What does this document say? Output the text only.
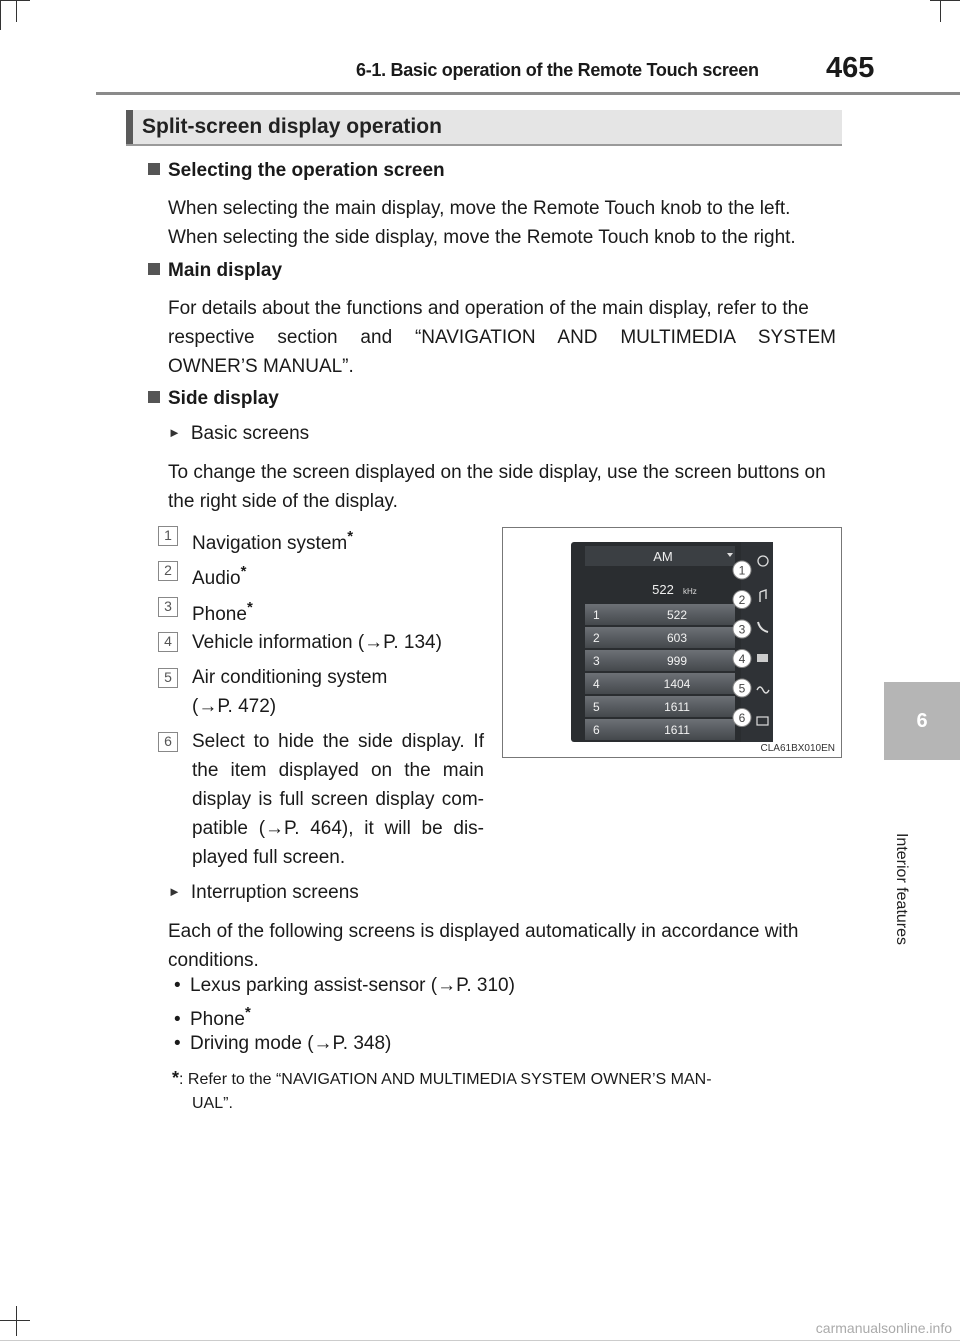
6-1. Basic operation of the Remote Touch screen 465
6
Interior features
Split-screen display operation
Selecting the operation screen
When selecting the main display, move the Remote Touch knob to the left.
When selecting the side display, move the Remote Touch knob to the right.
Main display
For details about the functions and operation of the main display, refer to the
respective section and “NAVIGATION AND MULTIMEDIA SYSTEM
OWNER’S MANUAL”.
Side display
► Basic screens
To change the screen displayed on the side display, use the screen buttons on
the right side of the display.
1	Navigation system*
2	Audio*
3	Phone*
4	Vehicle information (→P. 134)
5	Air conditioning system
(→P. 472)
6	Select to hide the side display. If
the item displayed on the main
display is full screen display com-
patible (→P. 464), it will be dis-
played full screen.
AM
522 kHz
1	522
2	603
3	999
4	1404
5	1611
6	1611
1
2
3
4
5
6
CLA61BX010EN
► Interruption screens
Each of the following screens is displayed automatically in accordance with
conditions.
• Lexus parking assist-sensor (→P. 310)
• Phone*
• Driving mode (→P. 348)
*: Refer to the “NAVIGATION AND MULTIMEDIA SYSTEM OWNER’S MAN-
UAL”.
carmanualsonline.info
